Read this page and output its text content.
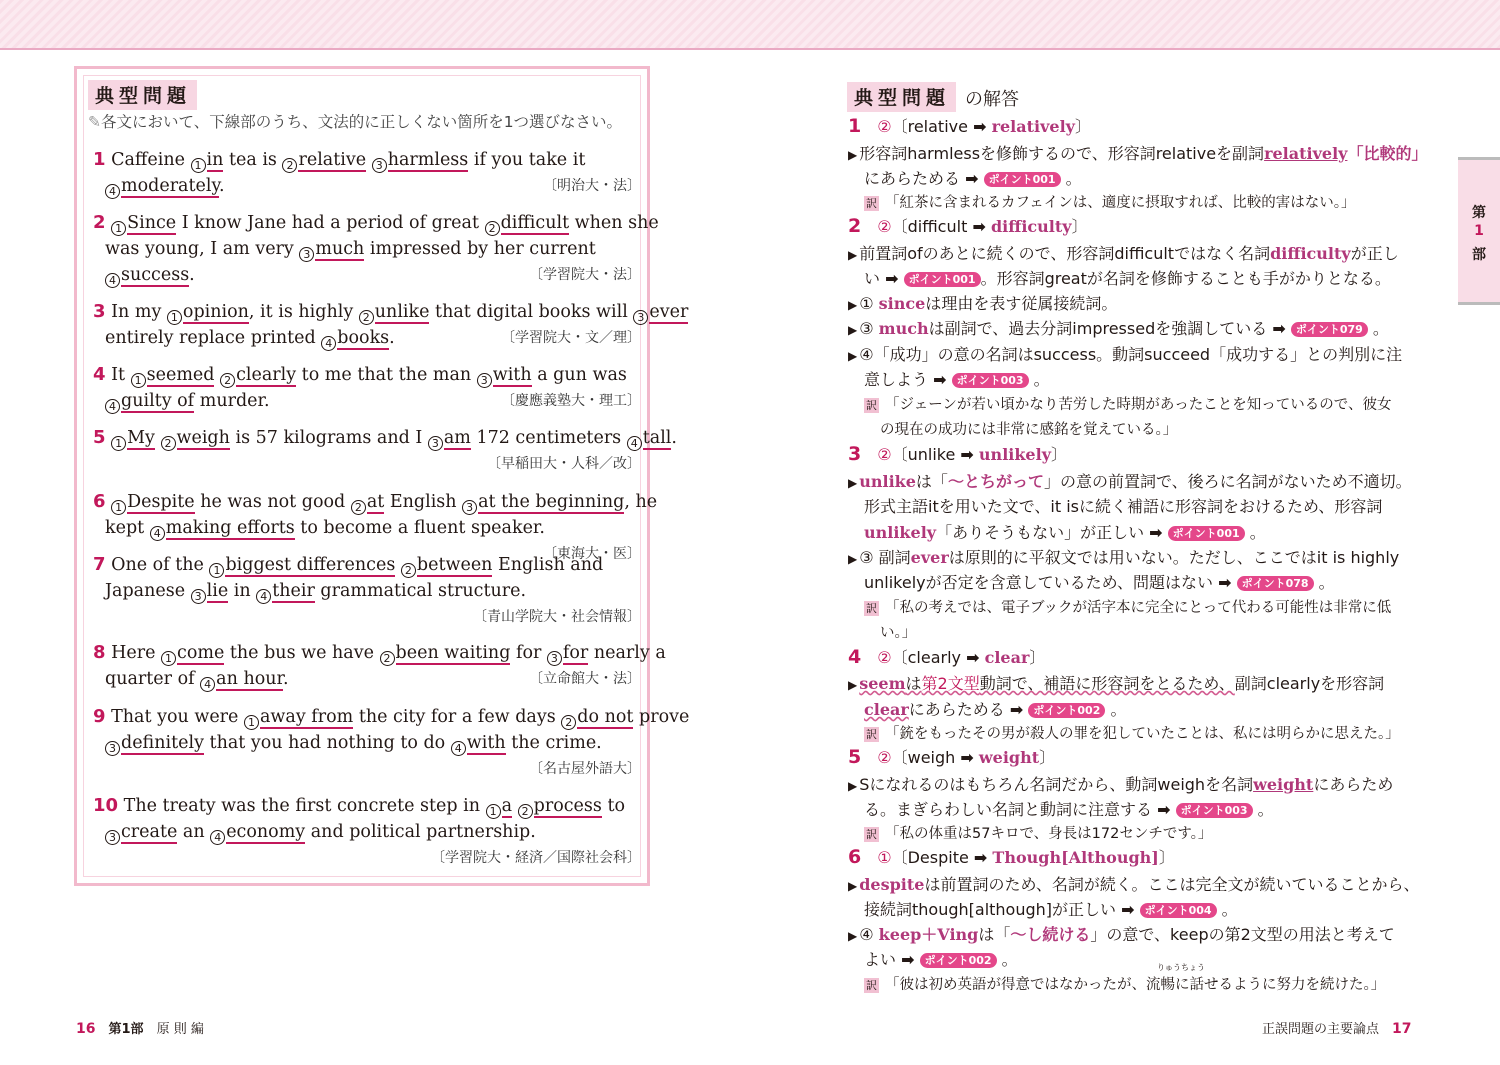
典型問題
✎各文において、下線部のうち、文法的に正しくない箇所を1つ選びなさい。
1 Caffeine 1 in tea is 2 relative 3 harmless if you take it
4 moderately.	〔明治大・法〕
2 1 Since I know Jane had a period of great 2 difficult when she
was young, I am very 3 much impressed by her current
4 success.	〔学習院大・法〕
3 In my 1 opinion, it is highly 2 unlike that digital books will 3 ever
entirely replace printed 4 books.	〔学習院大・文／理〕
4 It 1 seemed 2 clearly to me that the man 3 with a gun was
4 guilty of murder.	〔慶應義塾大・理工〕
5 1 My 2 weigh is 57 kilograms and I 3 am 172 centimeters 4 tall.
〔早稲田大・人科／改〕
6 1 Despite he was not good 2 at English 3 at the beginning, he
kept 4 making efforts to become a fluent speaker.
〔東海大・医〕
7 One of the 1 biggest differences 2 between English and
Japanese 3 lie in 4 their grammatical structure.
〔青山学院大・社会情報〕
8 Here 1 come the bus we have 2 been waiting for 3 for nearly a
quarter of 4 an hour.	〔立命館大・法〕
9 That you were 1 away from the city for a few days 2 do not prove
3 definitely that you had nothing to do 4 with the crime.
〔名古屋外語大〕
10 The treaty was the first concrete step in 1 a 2 process to
3 create an 4 economy and political partnership.
〔学習院大・経済／国際社会科〕
典型問題 の解答
1　 ②〔relative ➡ relatively〕
▶ 形容詞harmlessを修飾するので、形容詞relativeを副詞relatively「比較的」
にあらためる ➡ ポイント001 。
訳 「紅茶に含まれるカフェインは、適度に摂取すれば、比較的害はない。」
2　 ②〔difficult ➡ difficulty〕
▶ 前置詞ofのあとに続くので、形容詞difficultではなく名詞difficultyが正し
い ➡ ポイント001 。形容詞greatが名詞を修飾することも手がかりとなる。
▶ ① sinceは理由を表す従属接続詞。
▶ ③ muchは副詞で、過去分詞impressedを強調している ➡ ポイント079 。
▶ ④「成功」の意の名詞はsuccess。動詞succeed「成功する」との判別に注
意しよう ➡ ポイント003 。
訳 「ジェーンが若い頃かなり苦労した時期があったことを知っているので、彼女
の現在の成功には非常に感銘を覚えている。」
3　 ②〔unlike ➡ unlikely〕
▶ unlikeは「〜とちがって」の意の前置詞で、後ろに名詞がないため不適切。
形式主語itを用いた文で、it isに続く補語に形容詞をおけるため、形容詞
unlikely「ありそうもない」が正しい ➡ ポイント001 。
▶ ③ 副詞everは原則的に平叙文では用いない。ただし、ここではit is highly
unlikelyが否定を含意しているため、問題はない ➡ ポイント078 。
訳 「私の考えでは、電子ブックが活字本に完全にとって代わる可能性は非常に低
い。」
4　 ②〔clearly ➡ clear〕
▶ seemは第2文型動詞で、補語に形容詞をとるため、副詞clearlyを形容詞
clearにあらためる ➡ ポイント002 。
訳 「銃をもったその男が殺人の罪を犯していたことは、私には明らかに思えた。」
5　 ②〔weigh ➡ weight〕
▶ Sになれるのはもちろん名詞だから、動詞weighを名詞weightにあらため
る。まぎらわしい名詞と動詞に注意する ➡ ポイント003 。
訳 「私の体重は57キロで、身長は172センチです。」
6　 ①〔Despite ➡ Though[Although]〕
▶ despiteは前置詞のため、名詞が続く。ここは完全文が続いていることから、
接続詞though[although]が正しい ➡ ポイント004 。
▶ ④ keep＋Vingは「〜し続ける」の意で、keepの第2文型の用法と考えて
よい ➡ ポイント002 。	りゅうちょう
訳 「彼は初め英語が得意ではなかったが、流暢に話せるように努力を続けた。」
第
1
部
16　 第1部　 原 則 編	正誤問題の主要論点　 17
